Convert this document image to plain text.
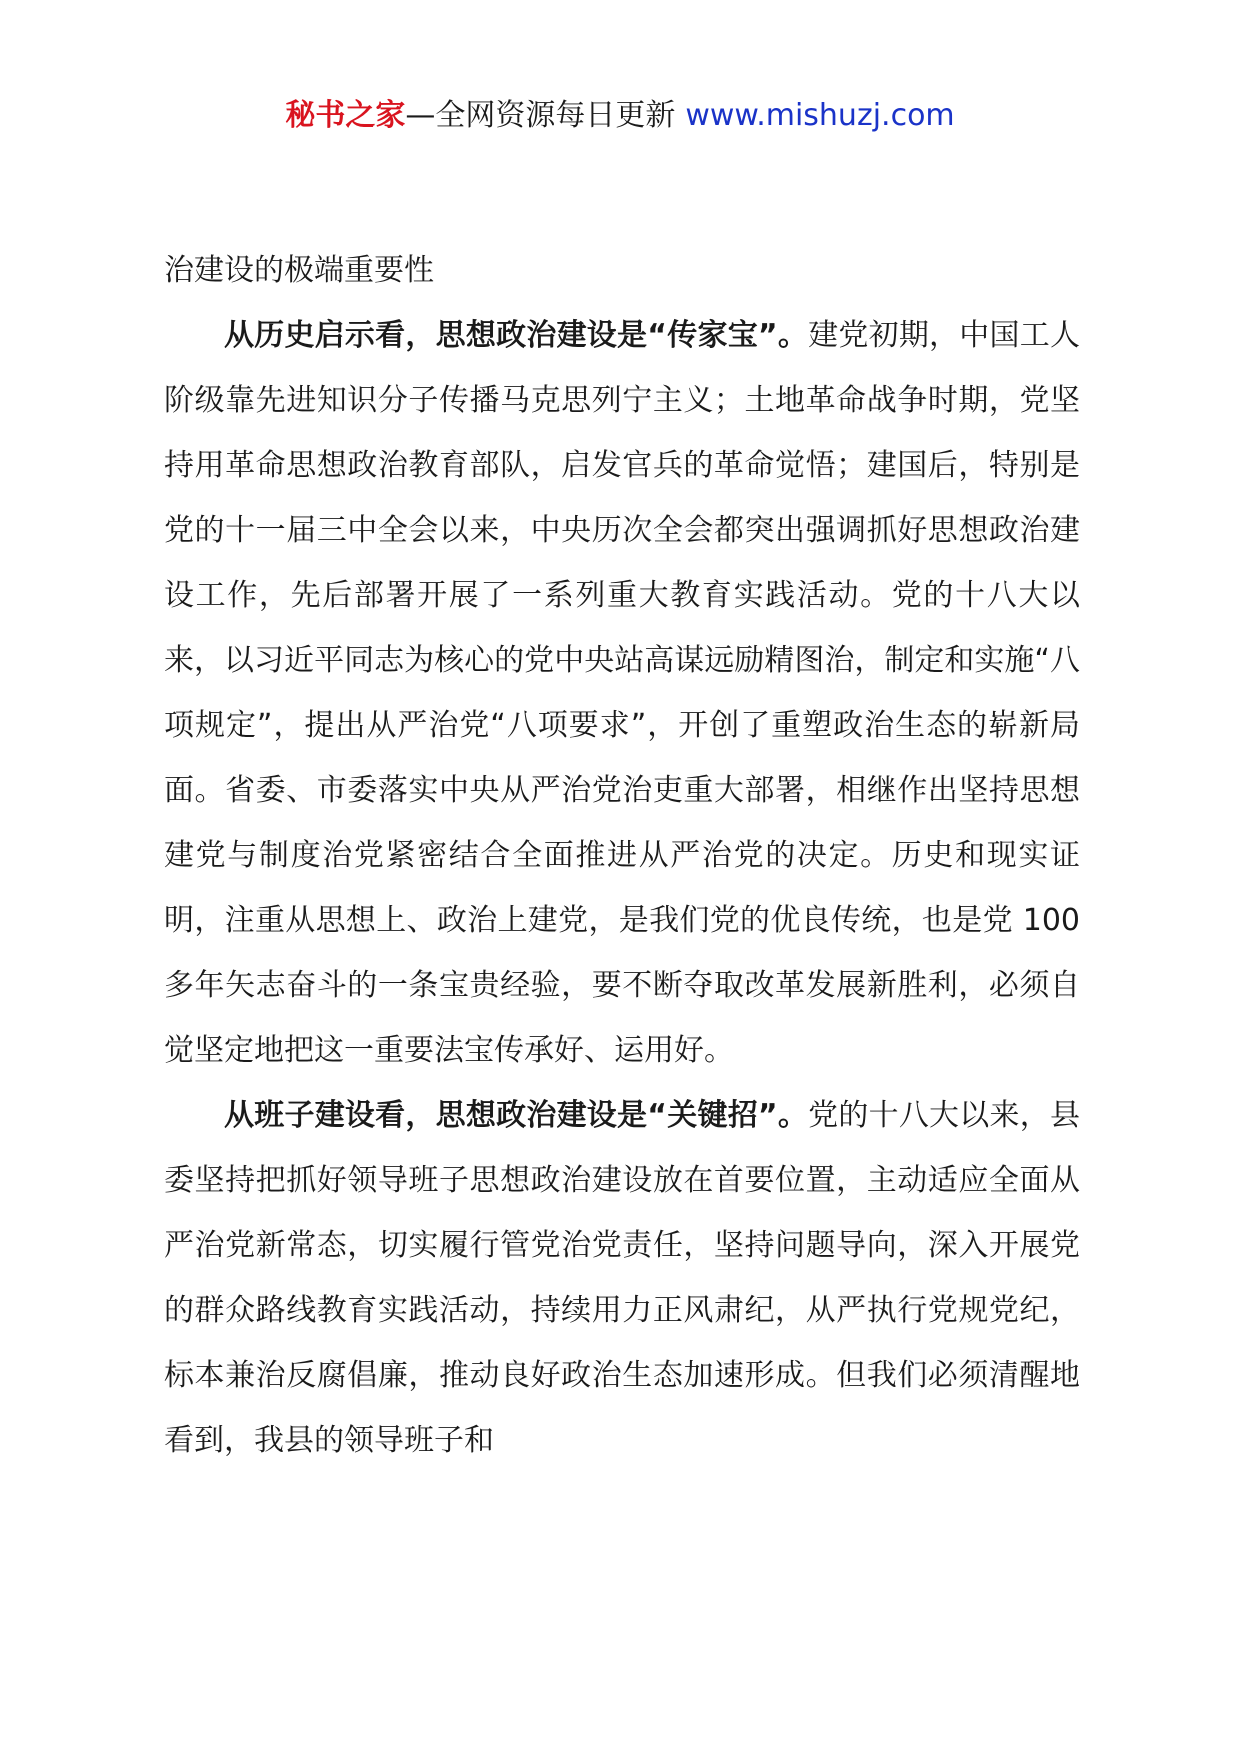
秘书之家—全网资源每日更新 www.mishuzj.com

治建设的极端重要性

从历史启示看，思想政治建设是“传家宝”。建党初期，中国工人阶级靠先进知识分子传播马克思列宁主义；土地革命战争时期，党坚持用革命思想政治教育部队，启发官兵的革命觉悟；建国后，特别是党的十一届三中全会以来，中央历次全会都突出强调抓好思想政治建设工作，先后部署开展了一系列重大教育实践活动。党的十八大以来，以习近平同志为核心的党中央站高谋远励精图治，制定和实施“八项规定”，提出从严治党“八项要求”，开创了重塑政治生态的崭新局面。省委、市委落实中央从严治党治吏重大部署，相继作出坚持思想建党与制度治党紧密结合全面推进从严治党的决定。历史和现实证明，注重从思想上、政治上建党，是我们党的优良传统，也是党 100 多年矢志奋斗的一条宝贵经验，要不断夺取改革发展新胜利，必须自觉坚定地把这一重要法宝传承好、运用好。

从班子建设看，思想政治建设是“关键招”。党的十八大以来，县委坚持把抓好领导班子思想政治建设放在首要位置，主动适应全面从严治党新常态，切实履行管党治党责任，坚持问题导向，深入开展党的群众路线教育实践活动，持续用力正风肃纪，从严执行党规党纪，标本兼治反腐倡廉，推动良好政治生态加速形成。但我们必须清醒地看到，我县的领导班子和
